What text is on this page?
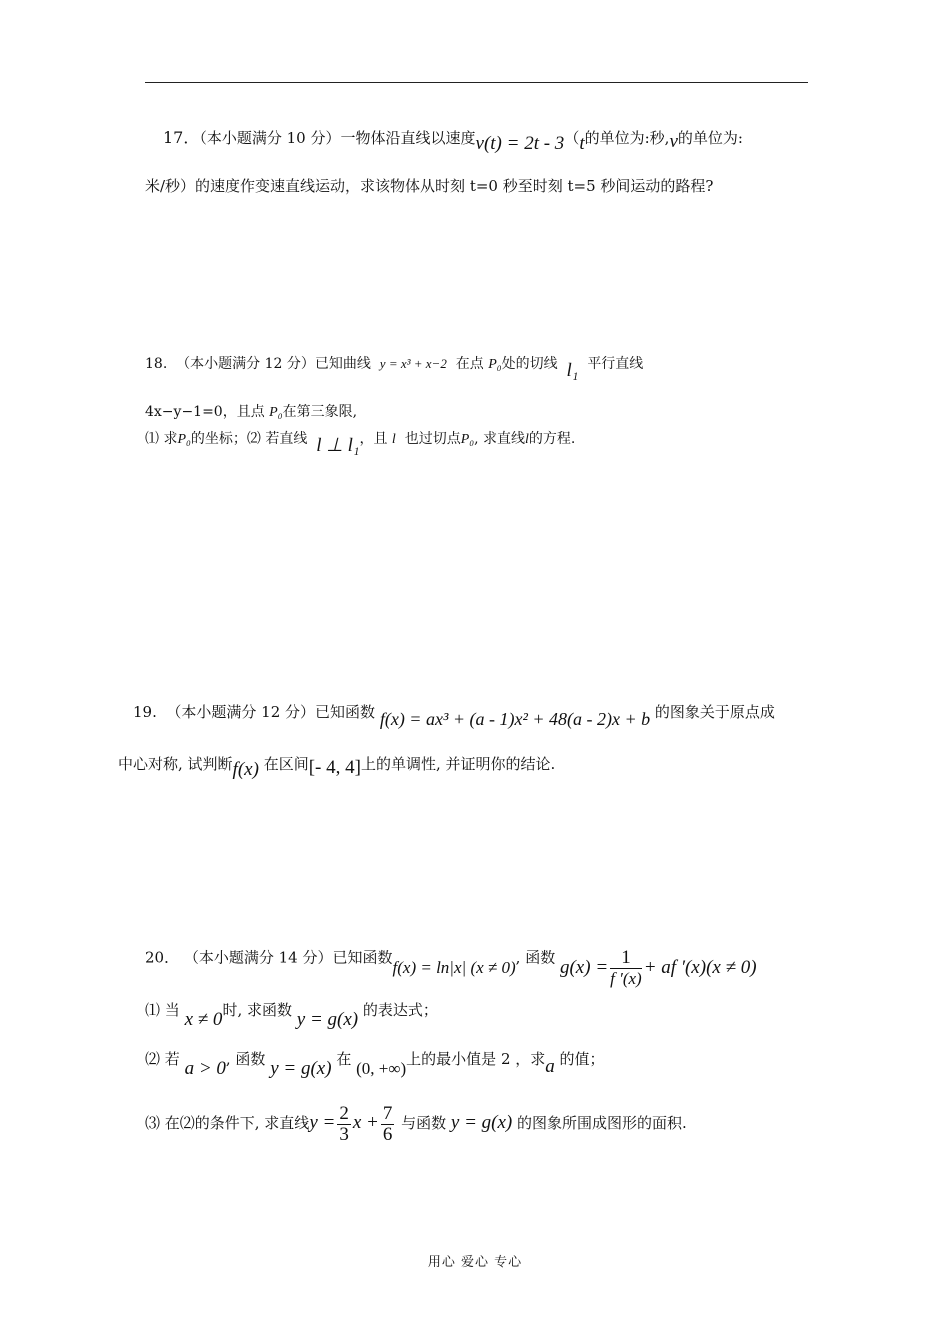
17．（本小题满分 10 分）一物体沿直线以速度v(t) = 2t - 3（t的单位为:秒,v的单位为:
米/秒）的速度作变速直线运动，求该物体从时刻 t=0 秒至时刻 t=5 秒间运动的路程?
18. （本小题满分 12 分）已知曲线 y = x³ + x−2 在点 P₀处的切线 l₁ 平行直线
4x−y−1=0，且点 P₀在第三象限,
⑴ 求P₀的坐标；⑵ 若直线 l ⊥ l₁，且 l 也过切点P₀, 求直线l的方程.
19. （本小题满分 12 分）已知函数 f(x) = ax³ + (a - 1)x² + 48(a - 2)x + b 的图象关于原点成
中心对称, 试判断f(x) 在区间[- 4, 4]上的单调性, 并证明你的结论.
20． （本小题满分 14 分）已知函数f(x) = ln|x| (x ≠ 0), 函数 $g(x) = \frac{1}{f '(x)}$ + af ′(x)(x ≠ 0)
⑴ 当 x ≠ 0时, 求函数 y = g(x) 的表达式；
⑵ 若 a > 0, 函数 y = g(x) 在 (0, +∞)上的最小值是 2 ，求a 的值；
⑶ 在⑵的条件下, 求直线$y = \frac{2}{3}$ $x + \frac{7}{6}$ 与函数 y = g(x) 的图象所围成图形的面积.
用心 爱心 专心
